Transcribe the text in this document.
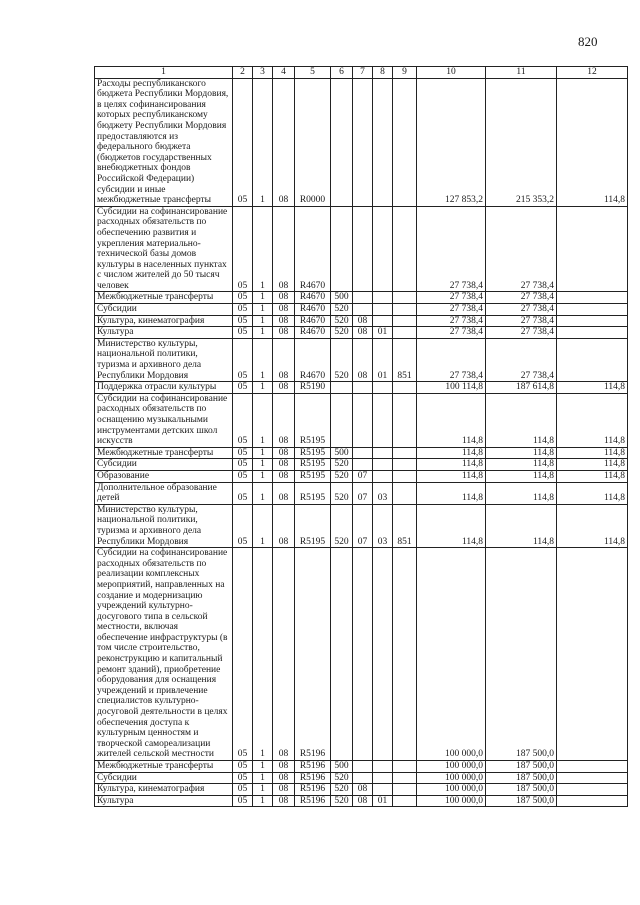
820
1	2	3	4	5	6	7	8	9	10	11	12
Расходы республиканского бюджета Республики Мордовия, в целях софинансирования которых республиканскому бюджету Республики Мордовия предоставляются из федерального бюджета (бюджетов государственных внебюджетных фондов Российской Федерации) субсидии и иные межбюджетные трансферты	05	1	08	R0000					127 853,2	215 353,2	114,8
Субсидии на софинансирование расходных обязательств по обеспечению развития и укрепления материально-технической базы домов культуры в населенных пунктах с числом жителей до 50 тысяч человек	05	1	08	R4670					27 738,4	27 738,4	
Межбюджетные трансферты	05	1	08	R4670	500				27 738,4	27 738,4	
Субсидии	05	1	08	R4670	520				27 738,4	27 738,4	
Культура, кинематография	05	1	08	R4670	520	08			27 738,4	27 738,4	
Культура	05	1	08	R4670	520	08	01		27 738,4	27 738,4	
Министерство культуры, национальной политики, туризма и архивного дела Республики Мордовия	05	1	08	R4670	520	08	01	851	27 738,4	27 738,4	
Поддержка отрасли культуры	05	1	08	R5190					100 114,8	187 614,8	114,8
Субсидии на софинансирование расходных обязательств по оснащению музыкальными инструментами детских школ искусств	05	1	08	R5195					114,8	114,8	114,8
Межбюджетные трансферты	05	1	08	R5195	500				114,8	114,8	114,8
Субсидии	05	1	08	R5195	520				114,8	114,8	114,8
Образование	05	1	08	R5195	520	07			114,8	114,8	114,8
Дополнительное образование детей	05	1	08	R5195	520	07	03		114,8	114,8	114,8
Министерство культуры, национальной политики, туризма и архивного дела Республики Мордовия	05	1	08	R5195	520	07	03	851	114,8	114,8	114,8
Субсидии на софинансирование расходных обязательств по реализации комплексных мероприятий, направленных на создание и модернизацию учреждений культурно-досугового типа в сельской местности, включая обеспечение инфраструктуры (в том числе строительство, реконструкцию и капитальный ремонт зданий), приобретение оборудования для оснащения учреждений и привлечение специалистов культурно-досуговой деятельности в целях обеспечения доступа к культурным ценностям и творческой самореализации жителей сельской местности	05	1	08	R5196					100 000,0	187 500,0	
Межбюджетные трансферты	05	1	08	R5196	500				100 000,0	187 500,0	
Субсидии	05	1	08	R5196	520				100 000,0	187 500,0	
Культура, кинематография	05	1	08	R5196	520	08			100 000,0	187 500,0	
Культура	05	1	08	R5196	520	08	01		100 000,0	187 500,0	
